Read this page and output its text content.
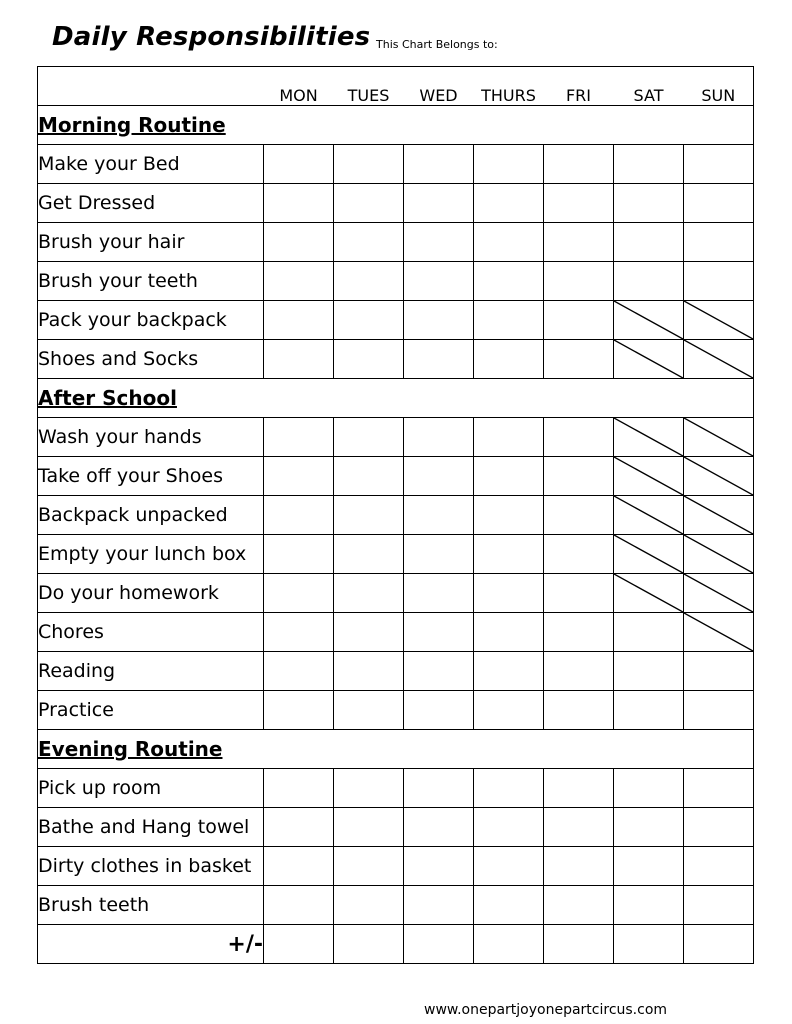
Daily Responsibilities This Chart Belongs to:
	MON	TUES	WED	THURS	FRI	SAT	SUN
Morning Routine							
Make your Bed							
Get Dressed							
Brush your hair							
Brush your teeth							
Pack your backpack						

Shoes and Socks						

After School							
Wash your hands						

Take off your Shoes						

Backpack unpacked						

Empty your lunch box						

Do your homework						

Chores							

Reading							
Practice							
Evening Routine							
Pick up room							
Bathe and Hang towel							
Dirty clothes in basket							
Brush teeth							
+/-							
www.onepartjoyonepartcircus.com
